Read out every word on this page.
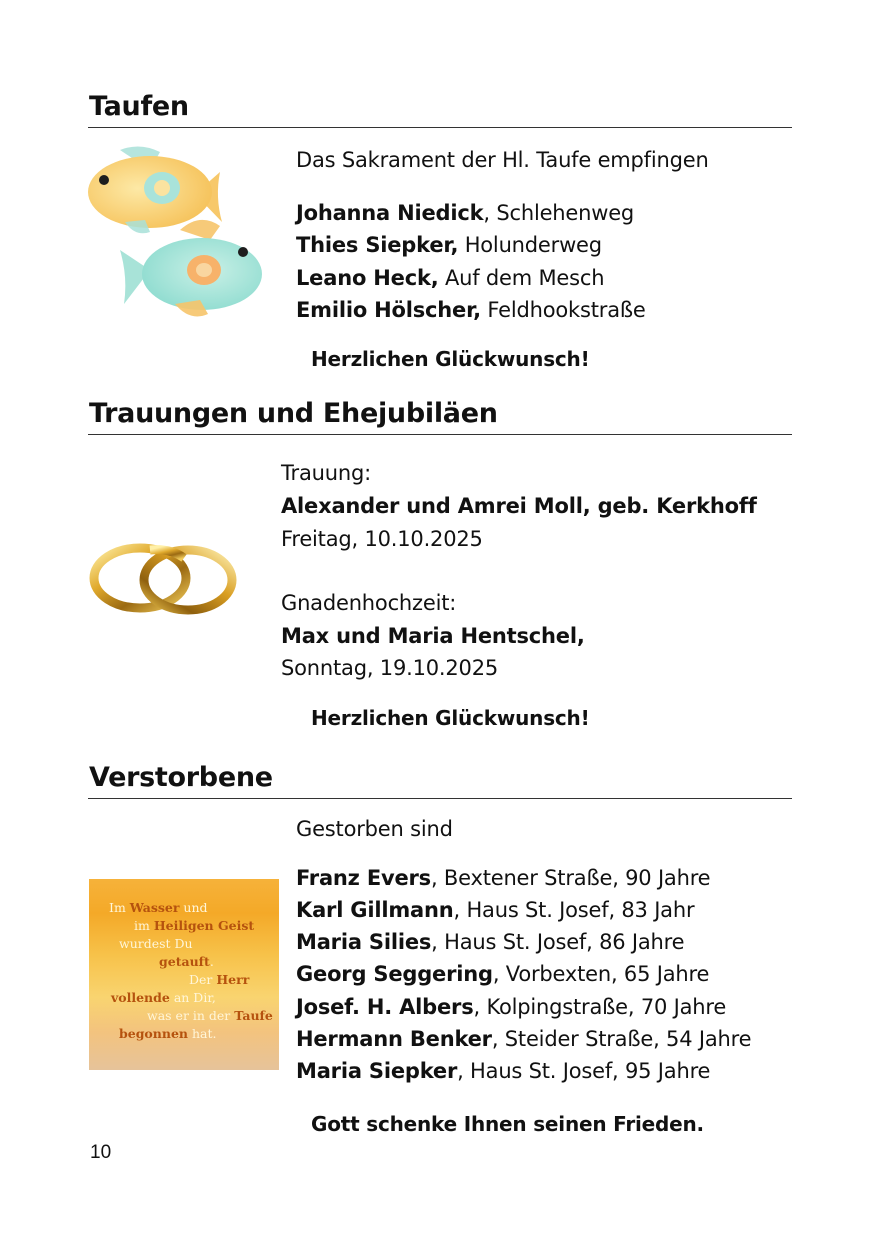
Taufen
Das Sakrament der Hl. Taufe empfingen
Johanna Niedick, Schlehenweg
Thies Siepker, Holunderweg
Leano Heck, Auf dem Mesch
Emilio Hölscher, Feldhookstraße
Herzlichen Glückwunsch!
Trauungen und Ehejubiläen
Trauung:
Alexander und Amrei Moll, geb. Kerkhoff
Freitag, 10.10.2025
Gnadenhochzeit:
Max und Maria Hentschel,
Sonntag, 19.10.2025
Herzlichen Glückwunsch!
Verstorbene
Gestorben sind
Im Wasser und
im Heiligen Geist
wurdest Du
getauft.
Der Herr
vollende an Dir,
was er in der Taufe
begonnen hat.
Franz Evers, Bextener Straße, 90 Jahre
Karl Gillmann, Haus St. Josef, 83 Jahr
Maria Silies, Haus St. Josef, 86 Jahre
Georg Seggering, Vorbexten, 65 Jahre
Josef. H. Albers, Kolpingstraße, 70 Jahre
Hermann Benker, Steider Straße, 54 Jahre
Maria Siepker, Haus St. Josef, 95 Jahre
Gott schenke Ihnen seinen Frieden.
10
